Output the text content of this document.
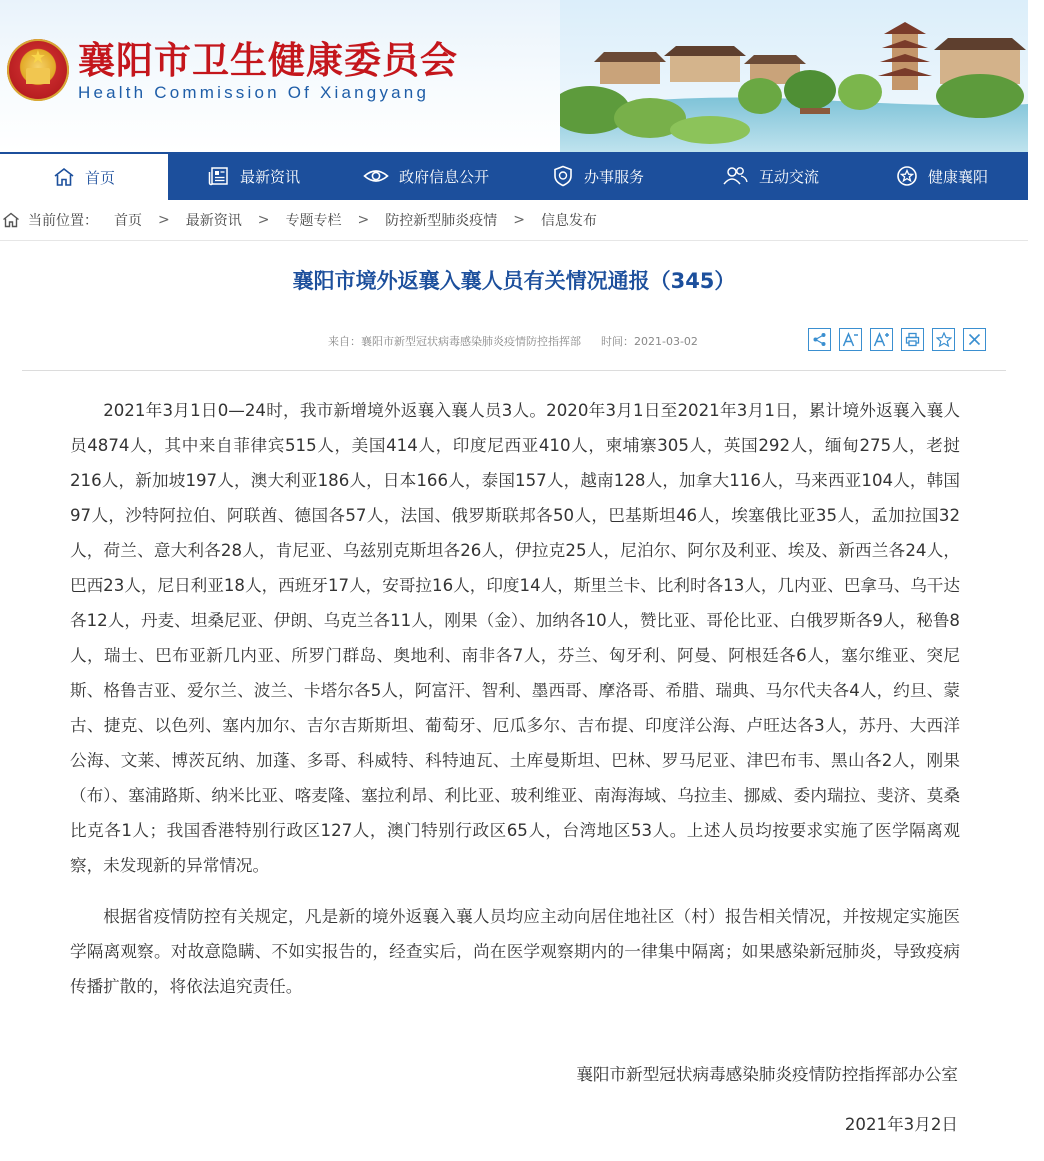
★ 襄阳市卫生健康委员会
Health Commission Of Xiangyang
首页	最新资讯	政府信息公开	办事服务	互动交流	健康襄阳
当前位置： 首页 > 最新资讯 > 专题专栏 > 防控新型肺炎疫情 > 信息发布
襄阳市境外返襄入襄人员有关情况通报（345）
来自：襄阳市新型冠状病毒感染肺炎疫情防控指挥部 时间：2021-03-02

2021年3月1日0—24时，我市新增境外返襄入襄人员3人。2020年3月1日至2021年3月1日，累计境外返襄入襄人员4874人，其中来自菲律宾515人，美国414人，印度尼西亚410人，柬埔寨305人，英国292人，缅甸275人，老挝216人，新加坡197人，澳大利亚186人，日本166人，泰国157人，越南128人，加拿大116人，马来西亚104人，韩国97人，沙特阿拉伯、阿联酋、德国各57人，法国、俄罗斯联邦各50人，巴基斯坦46人，埃塞俄比亚35人，孟加拉国32人，荷兰、意大利各28人，肯尼亚、乌兹别克斯坦各26人，伊拉克25人，尼泊尔、阿尔及利亚、埃及、新西兰各24人，巴西23人，尼日利亚18人，西班牙17人，安哥拉16人，印度14人，斯里兰卡、比利时各13人，几内亚、巴拿马、乌干达各12人，丹麦、坦桑尼亚、伊朗、乌克兰各11人，刚果（金）、加纳各10人，赞比亚、哥伦比亚、白俄罗斯各9人，秘鲁8人，瑞士、巴布亚新几内亚、所罗门群岛、奥地利、南非各7人，芬兰、匈牙利、阿曼、阿根廷各6人，塞尔维亚、突尼斯、格鲁吉亚、爱尔兰、波兰、卡塔尔各5人，阿富汗、智利、墨西哥、摩洛哥、希腊、瑞典、马尔代夫各4人，约旦、蒙古、捷克、以色列、塞内加尔、吉尔吉斯斯坦、葡萄牙、厄瓜多尔、吉布提、印度洋公海、卢旺达各3人，苏丹、大西洋公海、文莱、博茨瓦纳、加蓬、多哥、科威特、科特迪瓦、土库曼斯坦、巴林、罗马尼亚、津巴布韦、黑山各2人，刚果（布）、塞浦路斯、纳米比亚、喀麦隆、塞拉利昂、利比亚、玻利维亚、南海海域、乌拉圭、挪威、委内瑞拉、斐济、莫桑比克各1人；我国香港特别行政区127人，澳门特别行政区65人，台湾地区53人。上述人员均按要求实施了医学隔离观察，未发现新的异常情况。

根据省疫情防控有关规定，凡是新的境外返襄入襄人员均应主动向居住地社区（村）报告相关情况，并按规定实施医学隔离观察。对故意隐瞒、不如实报告的，经查实后，尚在医学观察期内的一律集中隔离；如果感染新冠肺炎，导致疫病传播扩散的，将依法追究责任。

襄阳市新型冠状病毒感染肺炎疫情防控指挥部办公室
2021年3月2日
